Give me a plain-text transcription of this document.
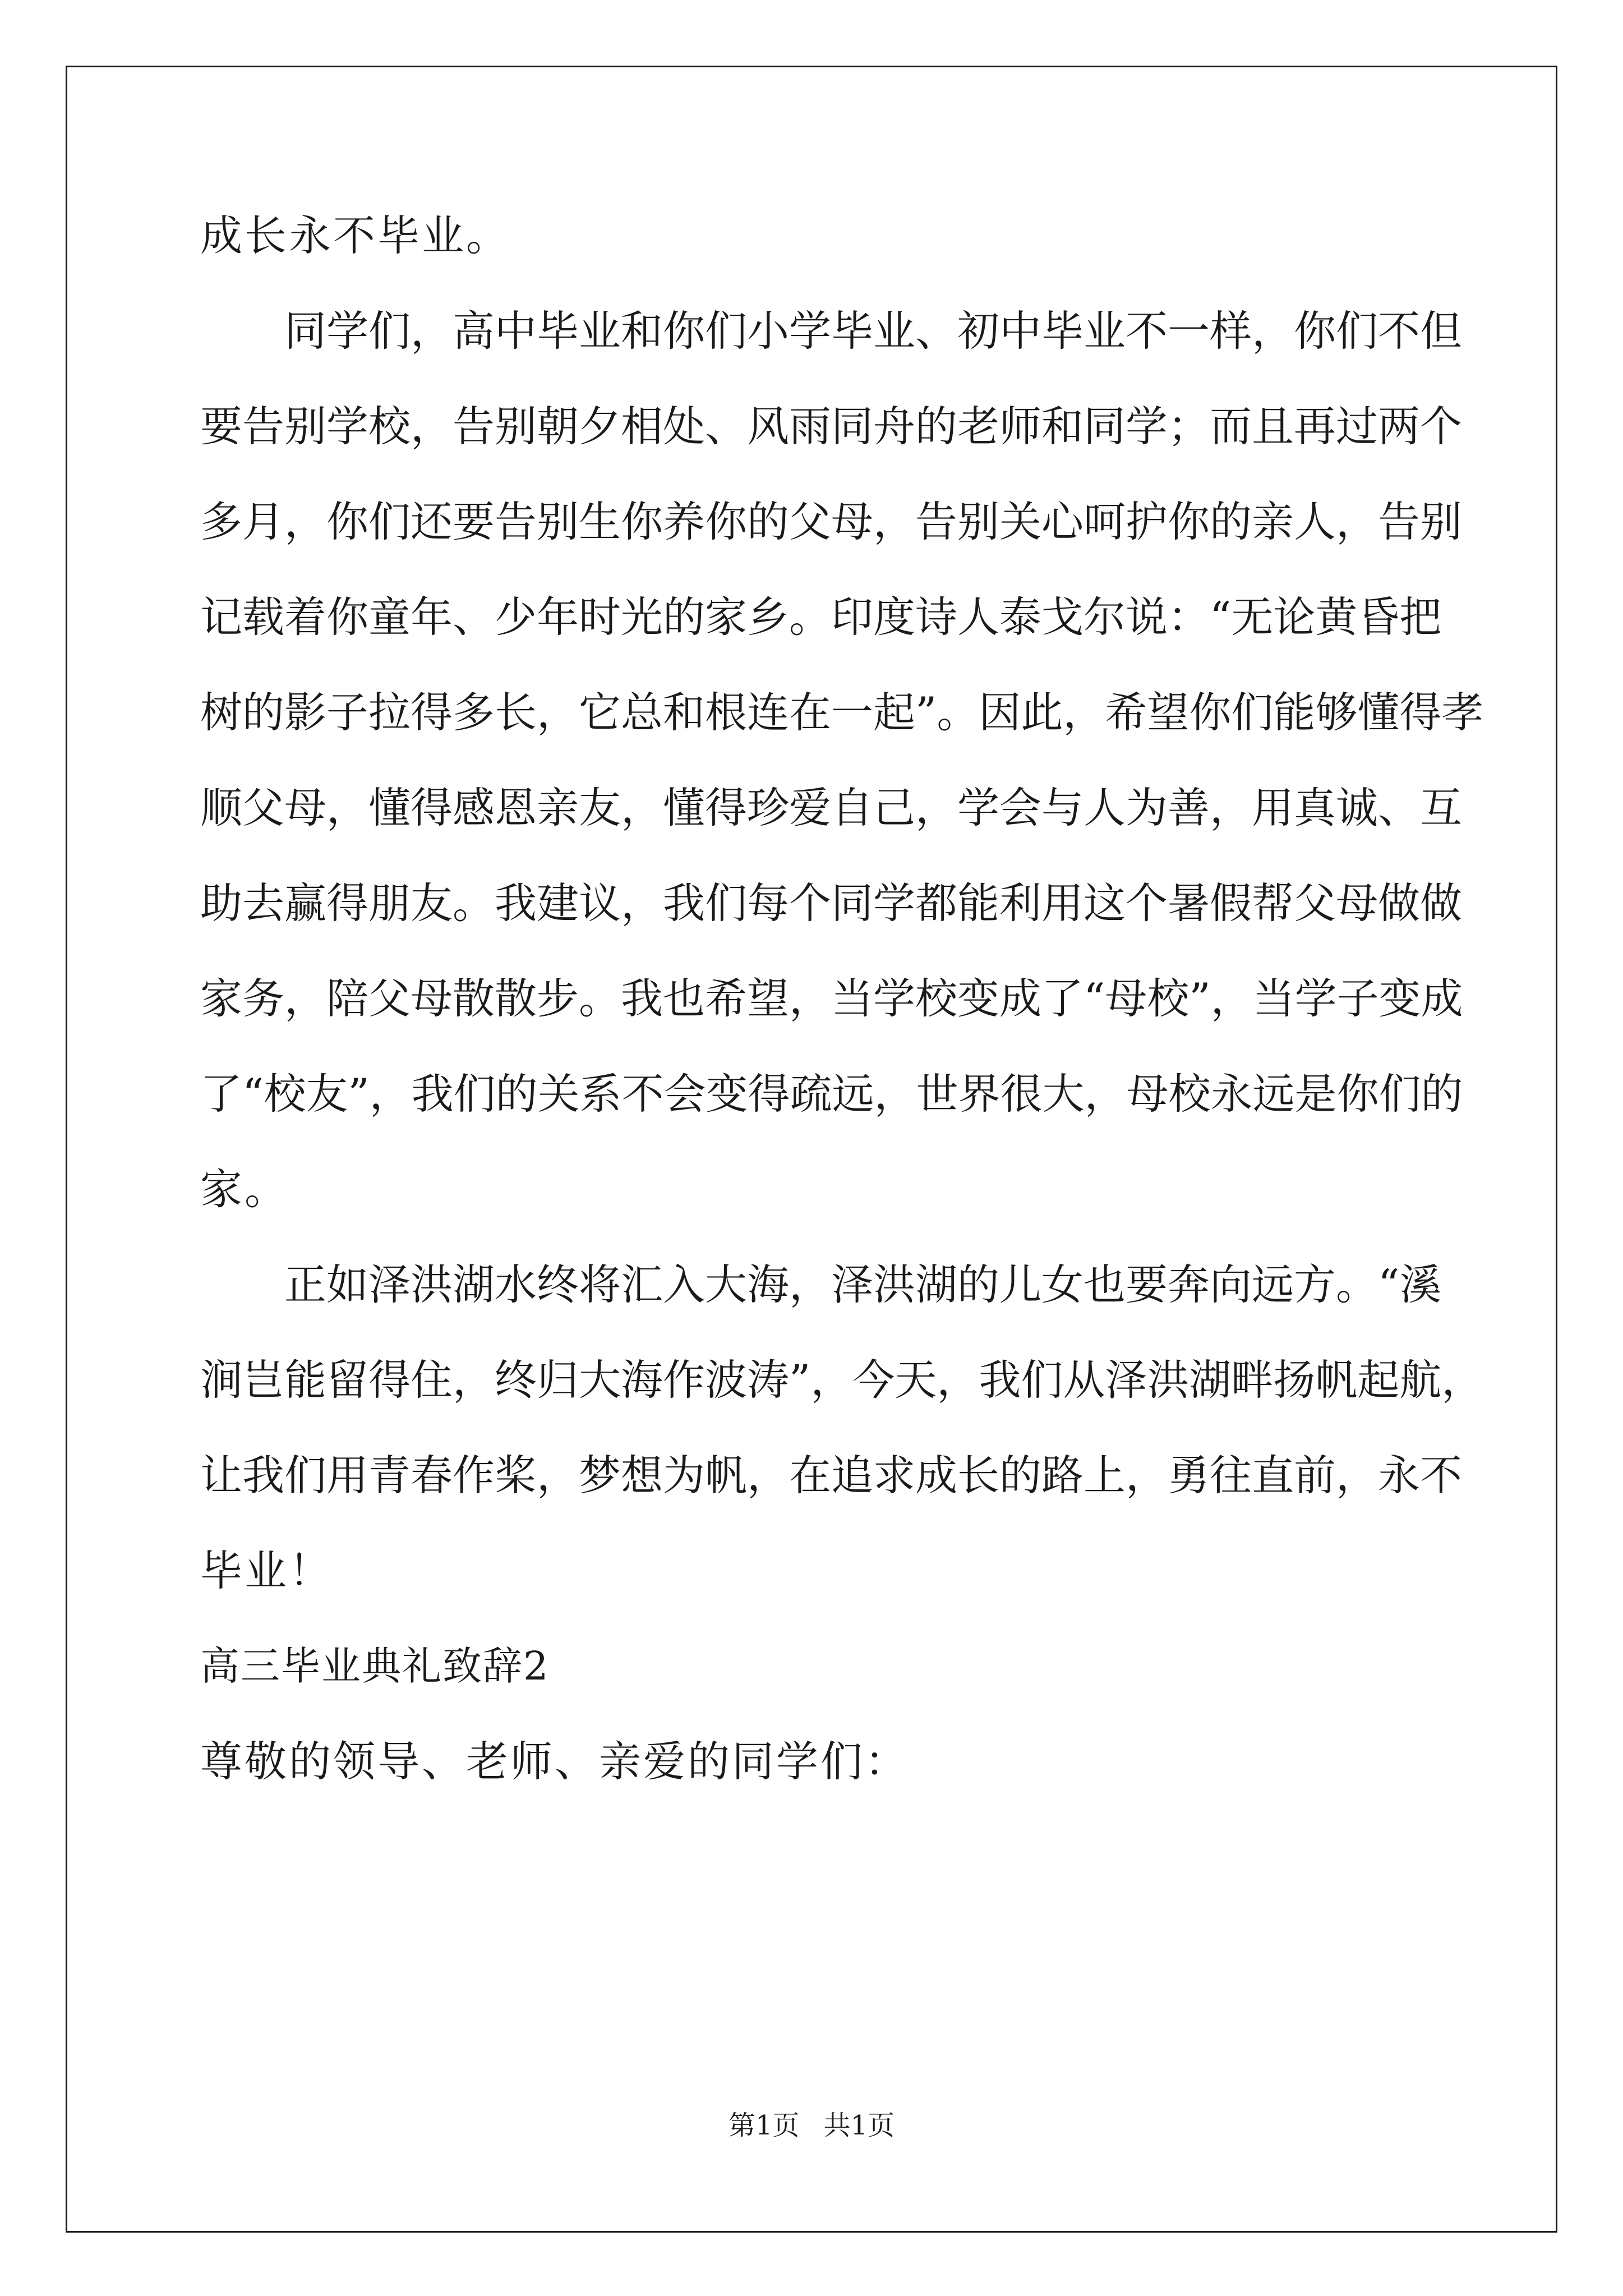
成长永不毕业。
同学们，高中毕业和你们小学毕业、初中毕业不一样，你们不但
要告别学校，告别朝夕相处、风雨同舟的老师和同学；而且再过两个
多月，你们还要告别生你养你的父母，告别关心呵护你的亲人，告别
记载着你童年、少年时光的家乡。印度诗人泰戈尔说：“无论黄昏把
树的影子拉得多长，它总和根连在一起”。因此，希望你们能够懂得孝
顺父母，懂得感恩亲友，懂得珍爱自己，学会与人为善，用真诚、互
助去赢得朋友。我建议，我们每个同学都能利用这个暑假帮父母做做
家务，陪父母散散步。我也希望，当学校变成了“母校”，当学子变成
了“校友”，我们的关系不会变得疏远，世界很大，母校永远是你们的
家。
正如泽洪湖水终将汇入大海，泽洪湖的儿女也要奔向远方。“溪
涧岂能留得住，终归大海作波涛”，今天，我们从泽洪湖畔扬帆起航，
让我们用青春作桨，梦想为帆，在追求成长的路上，勇往直前，永不
毕业！
高三毕业典礼致辞2
尊敬的领导、老师、亲爱的同学们：
第1页 共1页
